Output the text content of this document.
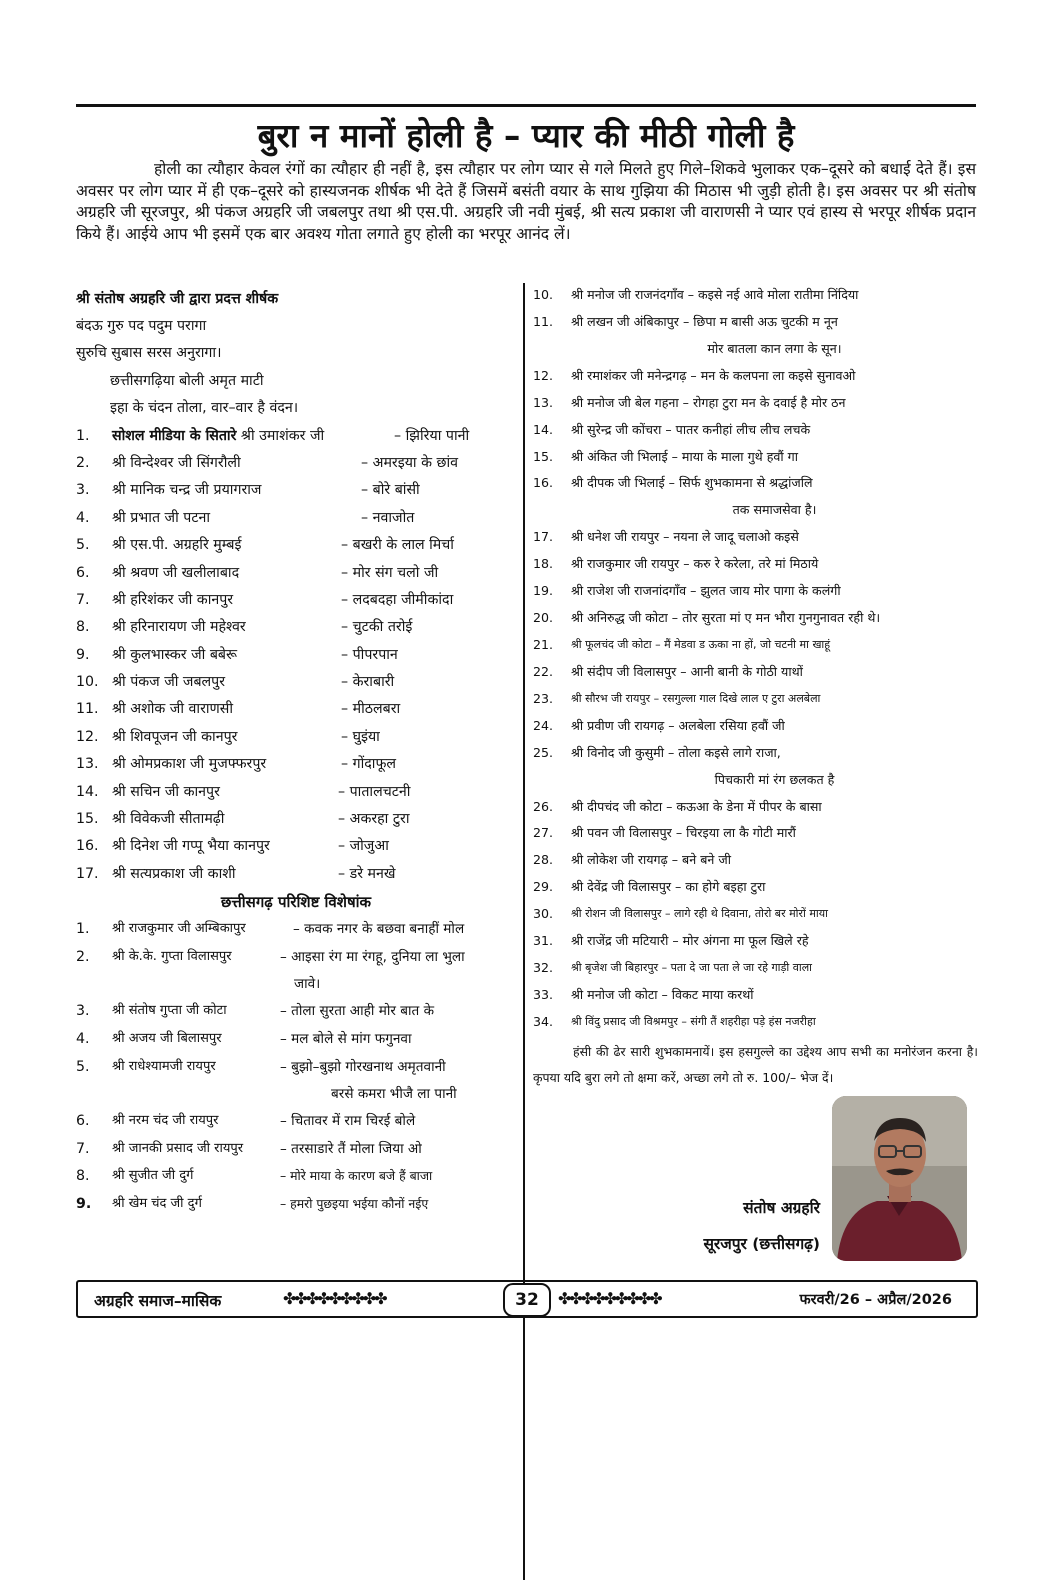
बुरा न मानों होली है – प्यार की मीठी गोली है
होली का त्यौहार केवल रंगों का त्यौहार ही नहीं है, इस त्यौहार पर लोग प्यार से गले मिलते हुए गिले–शिकवे भुलाकर एक–दूसरे को बधाई देते हैं। इस अवसर पर लोग प्यार में ही एक–दूसरे को हास्यजनक शीर्षक भी देते हैं जिसमें बसंती वयार के साथ गुझिया की मिठास भी जुड़ी होती है। इस अवसर पर श्री संतोष अग्रहरि जी सूरजपुर, श्री पंकज अग्रहरि जी जबलपुर तथा श्री एस.पी. अग्रहरि जी नवी मुंबई, श्री सत्य प्रकाश जी वाराणसी ने प्यार एवं हास्य से भरपूर शीर्षक प्रदान किये हैं। आईये आप भी इसमें एक बार अवश्य गोता लगाते हुए होली का भरपूर आनंद लें।
श्री संतोष अग्रहरि जी द्वारा प्रदत्त शीर्षक
बंदऊ गुरु पद पदुम परागा
सुरुचि सुबास सरस अनुरागा।
छत्तीसगढ़िया बोली अमृत माटी
इहा के चंदन तोला, वार–वार है वंदन।
1.	सोशल मीडिया के सितारे श्री उमाशंकर जी	– झिरिया पानी
2.	श्री विन्देश्वर जी सिंगरौली	– अमरइया के छांव
3.	श्री मानिक चन्द्र जी प्रयागराज	– बोरे बांसी
4.	श्री प्रभात जी पटना	– नवाजोत
5.	श्री एस.पी. अग्रहरि मुम्बई	– बखरी के लाल मिर्चा
6.	श्री श्रवण जी खलीलाबाद	– मोर संग चलो जी
7.	श्री हरिशंकर जी कानपुर	– लदबदहा जीमीकांदा
8.	श्री हरिनारायण जी महेश्वर	– चुटकी तरोई
9.	श्री कुलभास्कर जी बबेरू	– पीपरपान
10. श्री पंकज जी जबलपुर	– केराबारी
11. श्री अशोक जी वाराणसी	– मीठलबरा
12. श्री शिवपूजन जी कानपुर	– घुइंया
13. श्री ओमप्रकाश जी मुजफ्फरपुर	– गोंदाफूल
14. श्री सचिन जी कानपुर	– पातालचटनी
15. श्री विवेकजी सीतामढ़ी	– अकरहा टुरा
16. श्री दिनेश जी गप्पू भैया कानपुर	– जोजुआ
17. श्री सत्यप्रकाश जी काशी	– डरे मनखे
छत्तीसगढ़ परिशिष्ट विशेषांक
1.	श्री राजकुमार जी अम्बिकापुर	– कवक नगर के बछवा बनाहीं मोल
2.	श्री के.के. गुप्ता विलासपुर	– आइसा रंग मा रंगहू, दुनिया ला भुला
जावे।
3.	श्री संतोष गुप्ता जी कोटा	– तोला सुरता आही मोर बात के
4.	श्री अजय जी बिलासपुर	– मल बोले से मांग फगुनवा
5.	श्री राधेश्यामजी रायपुर	– बुझो–बुझो गोरखनाथ अमृतवानी
बरसे कमरा भीजै ला पानी
6.	श्री नरम चंद जी रायपुर	– चितावर में राम चिरई बोले
7.	श्री जानकी प्रसाद जी रायपुर	– तरसाडारे तैं मोला जिया ओ
8.	श्री सुजीत जी दुर्ग	– मोरे माया के कारण बजे हैं बाजा
9.	श्री खेम चंद जी दुर्ग	– हमरो पुछइया भईया कौनों नईए
10.	श्री मनोज जी राजनंदगाँव – कइसे नई आवे मोला रातीमा निंदिया
11.	श्री लखन जी अंबिकापुर – छिपा म बासी अऊ चुटकी म नून
मोर बातला कान लगा के सून।
12.	श्री रमाशंकर जी मनेन्द्रगढ़ – मन के कलपना ला कइसे सुनावओ
13.	श्री मनोज जी बेल गहना – रोगहा टुरा मन के दवाई है मोर ठन
14.	श्री सुरेन्द्र जी कोंचरा – पातर कनीहां लीच लीच लचके
15.	श्री अंकित जी भिलाई – माया के माला गुथे हवौं गा
16.	श्री दीपक जी भिलाई – सिर्फ शुभकामना से श्रद्धांजलि
तक समाजसेवा है।
17.	श्री धनेश जी रायपुर – नयना ले जादू चलाओ कइसे
18.	श्री राजकुमार जी रायपुर – करु रे करेला, तरे मां मिठाये
19.	श्री राजेश जी राजनांदगाँव – झुलत जाय मोर पागा के कलंगी
20.	श्री अनिरुद्ध जी कोटा – तोर सुरता मां ए मन भौरा गुनगुनावत रही थे।
21.	श्री फूलचंद जी कोटा – मैं मेडवा ड ऊका ना हों, जो चटनी मा खाहूं
22.	श्री संदीप जी विलासपुर – आनी बानी के गोठी याथों
23.	श्री सौरभ जी रायपुर – रसगुल्ला गाल दिखे लाल ए टुरा अलबेला
24.	श्री प्रवीण जी रायगढ़ – अलबेला रसिया हवौं जी
25.	श्री विनोद जी कुसुमी – तोला कइसे लागे राजा,
पिचकारी मां रंग छलकत है
26.	श्री दीपचंद जी कोटा – कऊआ के डेना में पीपर के बासा
27.	श्री पवन जी विलासपुर – चिरइया ला कै गोटी मारौं
28.	श्री लोकेश जी रायगढ़ – बने बने जी
29.	श्री देवेंद्र जी विलासपुर – का होगे बइहा टुरा
30.	श्री रोशन जी विलासपुर – लागे रही थे दिवाना, तोरो बर मोरों माया
31.	श्री राजेंद्र जी मटियारी – मोर अंगना मा फूल खिले रहे
32.	श्री बृजेश जी बिहारपुर – पता दे जा पता ले जा रहे गाड़ी वाला
33.	श्री मनोज जी कोटा – विकट माया करथों
34.	श्री विंदु प्रसाद जी विश्रमपुर – संगी तैं शहरीहा पड़े हंस नजरीहा
हंसी की ढेर सारी शुभकामनायें। इस हसगुल्ले का उद्देश्य आप सभी का मनोरंजन करना है। कृपया यदि बुरा लगे तो क्षमा करें, अच्छा लगे तो रु. 100/– भेज दें।
संतोष अग्रहरि
सूरजपुर (छत्तीसगढ़)
अग्रहरि समाज–मासिक	✤✤✤✤✤✤✤✤✤	32	✤✤✤✤✤✤✤✤✤	फरवरी/26 – अप्रैल/2026
